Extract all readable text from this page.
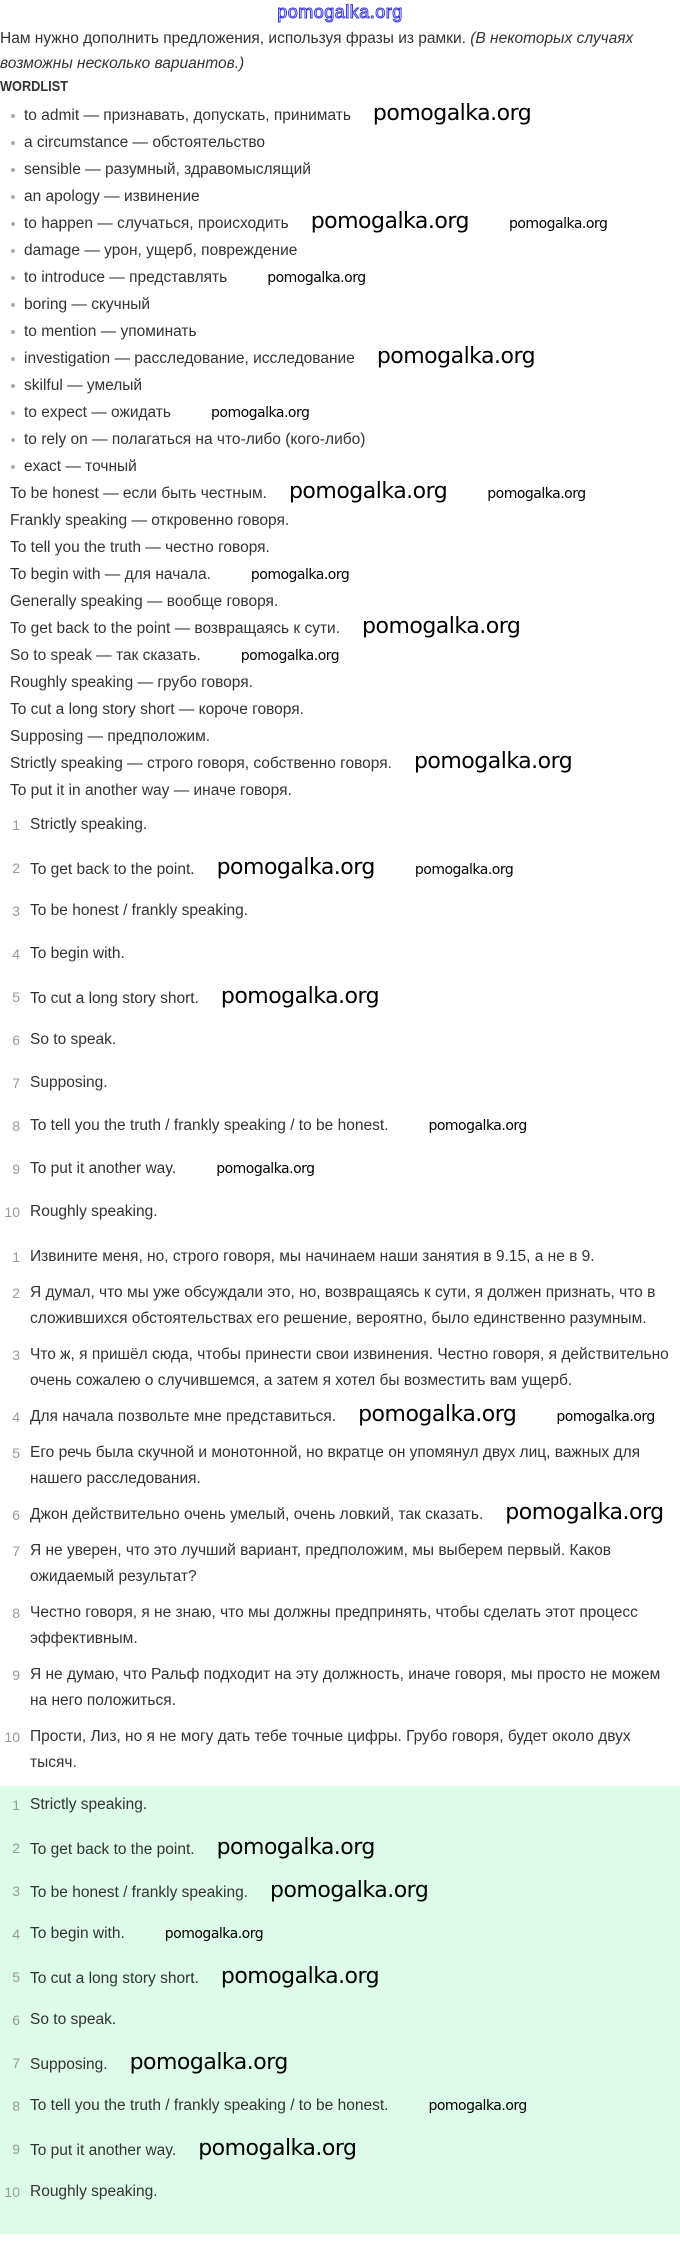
pomogalka.org
Нам нужно дополнить предложения, используя фразы из рамки. (В некоторых случаях возможны несколько вариантов.)
WORDLIST
to admit — признавать, допускать, принимать pomogalka.org
a circumstance — обстоятельство
sensible — разумный, здравомыслящий
an apology — извинение
to happen — случаться, происходить pomogalka.org	pomogalka.org
damage — урон, ущерб, повреждение
to introduce — представлять	pomogalka.org
boring — скучный
to mention — упоминать
investigation — расследование, исследование pomogalka.org
skilful — умелый
to expect — ожидать	pomogalka.org
to rely on — полагаться на что-либо (кого-либо)
exact — точный
To be honest — если быть честным. pomogalka.org	pomogalka.org
Frankly speaking — откровенно говоря.
To tell you the truth — честно говоря.
To begin with — для начала.	pomogalka.org
Generally speaking — вообще говоря.
To get back to the point — возвращаясь к сути. pomogalka.org
So to speak — так сказать.	pomogalka.org
Roughly speaking — грубо говоря.
To cut a long story short — короче говоря.
Supposing — предположим.
Strictly speaking — строго говоря, собственно говоря. pomogalka.org
To put it in another way — иначе говоря.
1 Strictly speaking.
2 To get back to the point. pomogalka.org	pomogalka.org
3 To be honest / frankly speaking.
4 To begin with.
5 To cut a long story short. pomogalka.org
6 So to speak.
7 Supposing.
8 To tell you the truth / frankly speaking / to be honest.	pomogalka.org
9 To put it another way.	pomogalka.org
10 Roughly speaking.
1 Извините меня, но, строго говоря, мы начинаем наши занятия в 9.15, а не в 9.
2 Я думал, что мы уже обсуждали это, но, возвращаясь к сути, я должен признать, что в сложившихся обстоятельствах его решение, вероятно, было единственно разумным.
3 Что ж, я пришёл сюда, чтобы принести свои извинения. Честно говоря, я действительно очень сожалею о случившемся, а затем я хотел бы возместить вам ущерб.
4 Для начала позвольте мне представиться. pomogalka.org	pomogalka.org
5 Его речь была скучной и монотонной, но вкратце он упомянул двух лиц, важных для нашего расследования.
6 Джон действительно очень умелый, очень ловкий, так сказать. pomogalka.org
7 Я не уверен, что это лучший вариант, предположим, мы выберем первый. Каков ожидаемый результат?
8 Честно говоря, я не знаю, что мы должны предпринять, чтобы сделать этот процесс эффективным.
9 Я не думаю, что Ральф подходит на эту должность, иначе говоря, мы просто не можем на него положиться.
10 Прости, Лиз, но я не могу дать тебе точные цифры. Грубо говоря, будет около двух тысяч.
1 Strictly speaking.
2 To get back to the point. pomogalka.org
3 To be honest / frankly speaking. pomogalka.org
4 To begin with.	pomogalka.org
5 To cut a long story short. pomogalka.org
6 So to speak.
7 Supposing. pomogalka.org
8 To tell you the truth / frankly speaking / to be honest.	pomogalka.org
9 To put it another way. pomogalka.org
10 Roughly speaking.
